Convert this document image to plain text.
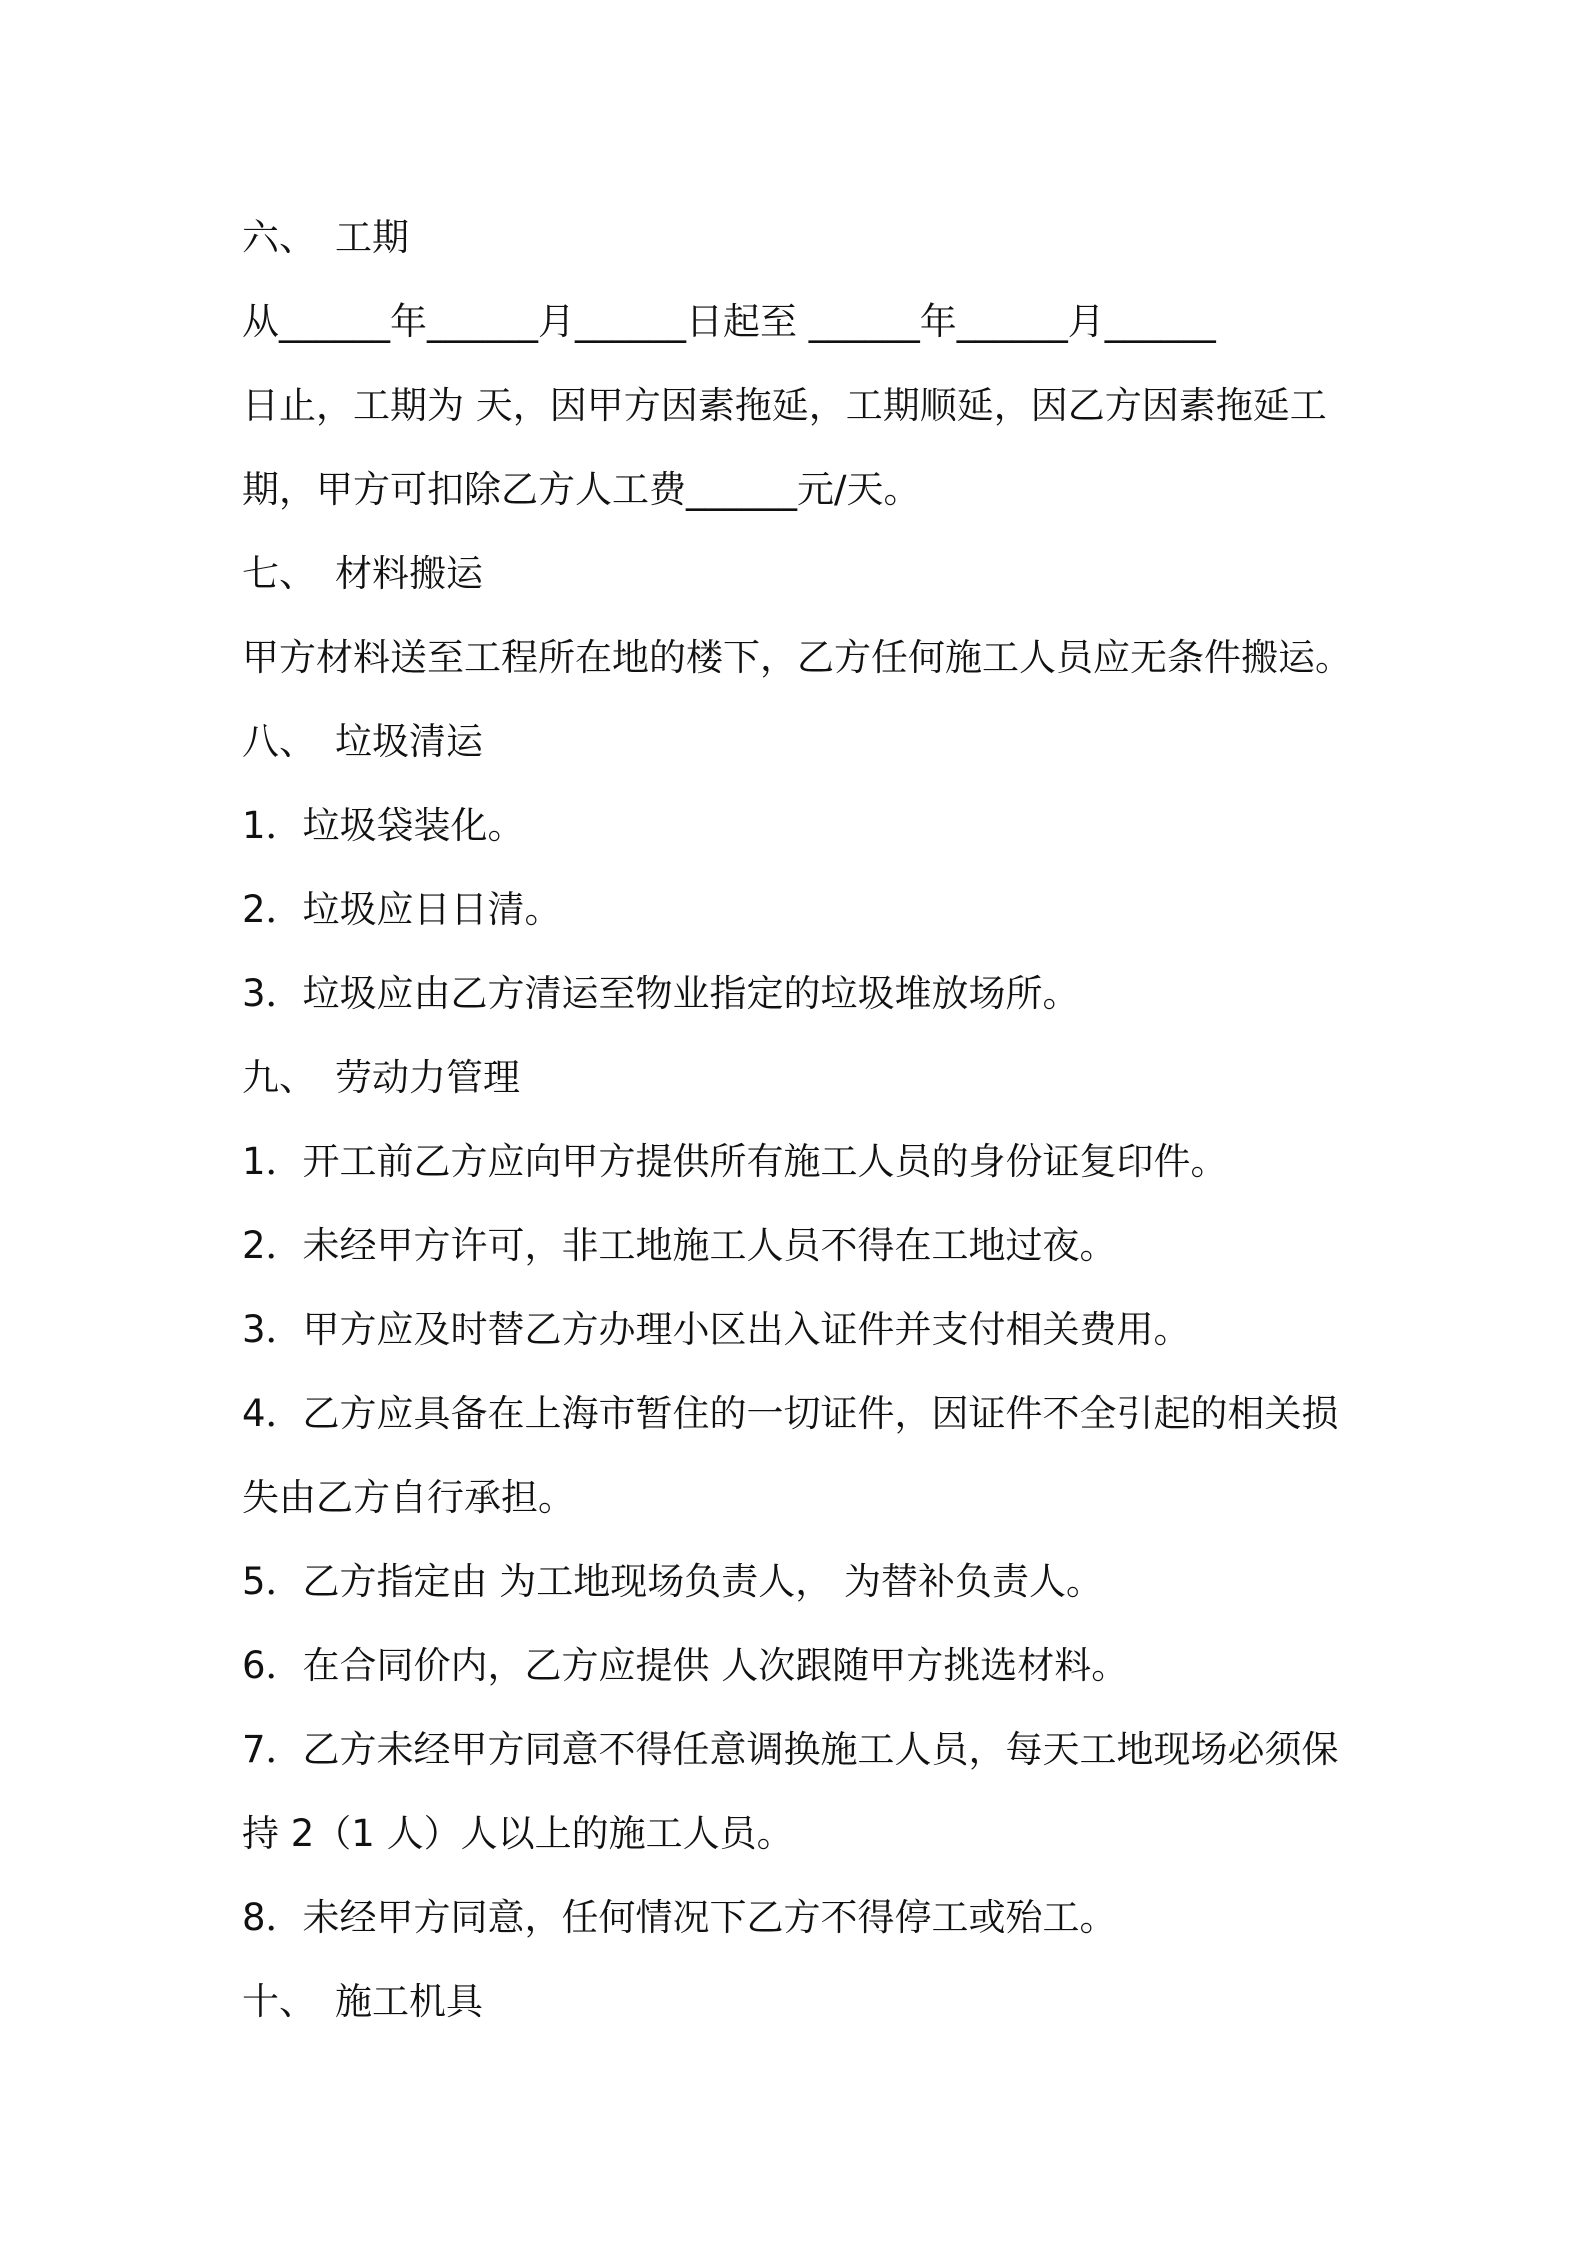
六、 工期
从______年______月______日起至 ______年______月______
日止，工期为 天，因甲方因素拖延，工期顺延，因乙方因素拖延工
期，甲方可扣除乙方人工费______元/天。
七、 材料搬运
甲方材料送至工程所在地的楼下，乙方任何施工人员应无条件搬运。
八、 垃圾清运
1．垃圾袋装化。
2．垃圾应日日清。
3．垃圾应由乙方清运至物业指定的垃圾堆放场所。
九、 劳动力管理
1．开工前乙方应向甲方提供所有施工人员的身份证复印件。
2．未经甲方许可，非工地施工人员不得在工地过夜。
3．甲方应及时替乙方办理小区出入证件并支付相关费用。
4．乙方应具备在上海市暂住的一切证件，因证件不全引起的相关损
失由乙方自行承担。
5．乙方指定由 为工地现场负责人， 为替补负责人。
6．在合同价内，乙方应提供 人次跟随甲方挑选材料。
7．乙方未经甲方同意不得任意调换施工人员，每天工地现场必须保
持 2（1 人）人以上的施工人员。
8．未经甲方同意，任何情况下乙方不得停工或殆工。
十、 施工机具
